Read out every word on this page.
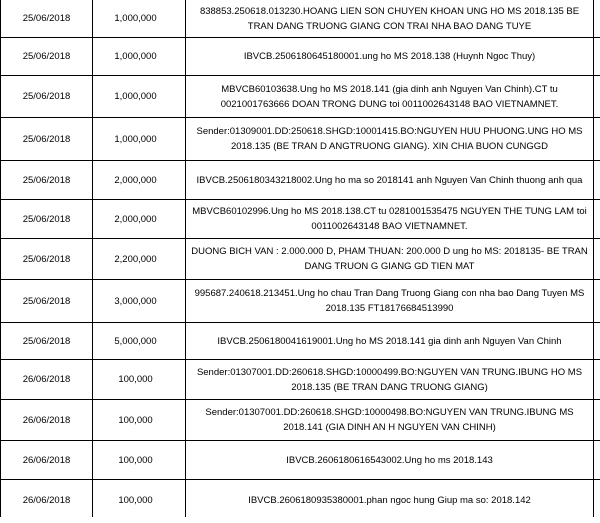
25/06/2018	1,000,000	838853.250618.013230.HOANG LIEN SON CHUYEN KHOAN UNG HO MS 2018.135 BE TRAN DANG TRUONG GIANG CON TRAI NHA BAO DANG TUYE	
25/06/2018	1,000,000	IBVCB.2506180645180001.ung ho MS 2018.138 (Huynh Ngoc Thuy)	
25/06/2018	1,000,000	MBVCB60103638.Ung ho MS 2018.141 (gia dinh anh Nguyen Van Chinh).CT tu 0021001763666 DOAN TRONG DUNG toi 0011002643148 BAO VIETNAMNET.	
25/06/2018	1,000,000	Sender:01309001.DD:250618.SHGD:10001415.BO:NGUYEN HUU PHUONG.UNG HO MS 2018.135 (BE TRAN D ANGTRUONG GIANG). XIN CHIA BUON CUNGGD	
25/06/2018	2,000,000	IBVCB.2506180343218002.Ung ho ma so 2018141 anh Nguyen Van Chinh thuong anh qua	
25/06/2018	2,000,000	MBVCB60102996.Ung ho MS 2018.138.CT tu 0281001535475 NGUYEN THE TUNG LAM toi 0011002643148 BAO VIETNAMNET.	
25/06/2018	2,200,000	DUONG BICH VAN : 2.000.000 D, PHAM THUAN: 200.000 D ung ho MS: 2018135- BE TRAN DANG TRUON G GIANG GD TIEN MAT	
25/06/2018	3,000,000	995687.240618.213451.Ung ho chau Tran Dang Truong Giang con nha bao Dang Tuyen MS 2018.135 FT18176684513990	
25/06/2018	5,000,000	IBVCB.2506180041619001.Ung ho MS 2018.141 gia dinh anh Nguyen Van Chinh	
26/06/2018	100,000	Sender:01307001.DD:260618.SHGD:10000499.BO:NGUYEN VAN TRUNG.IBUNG HO MS 2018.135 (BE TRAN DANG TRUONG GIANG)	
26/06/2018	100,000	Sender:01307001.DD:260618.SHGD:10000498.BO:NGUYEN VAN TRUNG.IBUNG MS 2018.141 (GIA DINH AN H NGUYEN VAN CHINH)	
26/06/2018	100,000	IBVCB.2606180616543002.Ung ho ms 2018.143	
26/06/2018	100,000	IBVCB.2606180935380001.phan ngoc hung Giup ma so: 2018.142	
